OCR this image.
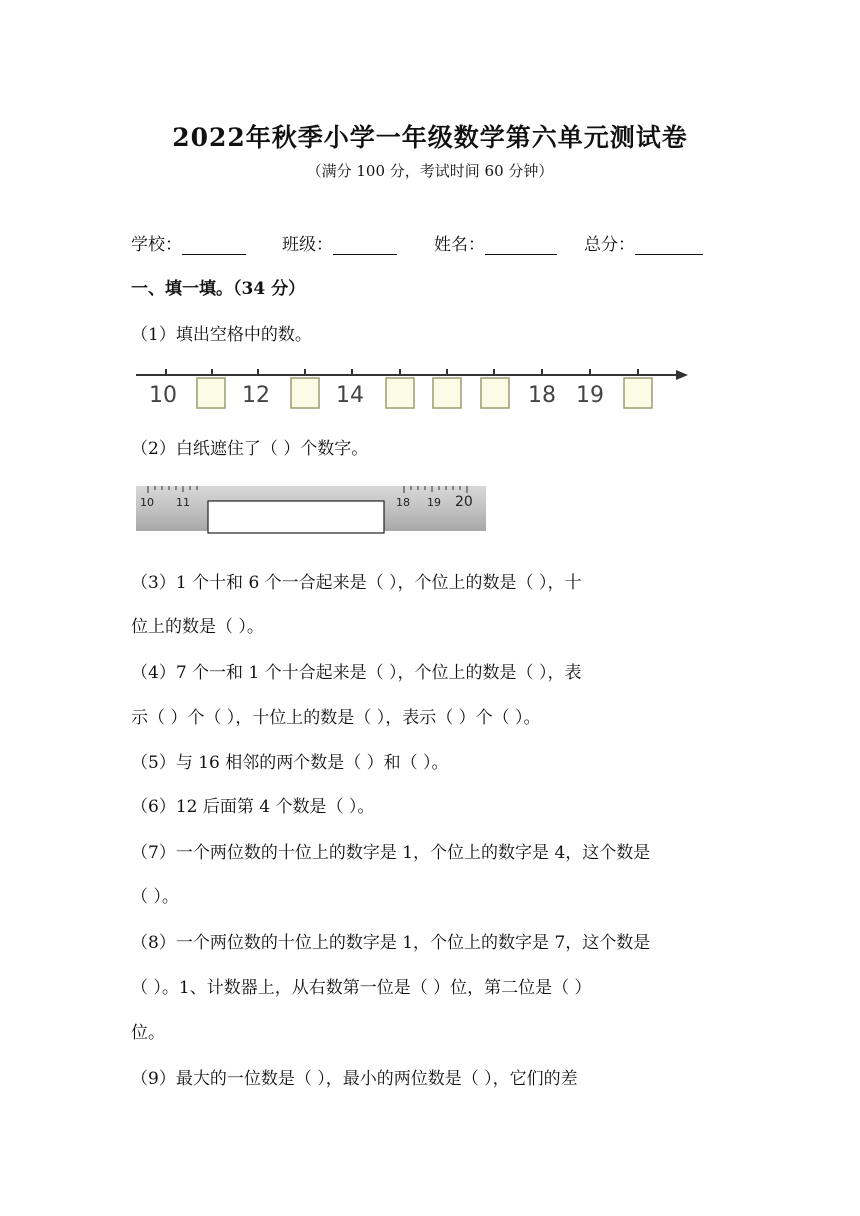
2022年秋季小学一年级数学第六单元测试卷
（满分 100 分，考试时间 60 分钟）
学校：	班级：	姓名：	总分：
一、填一填。（34 分）
（1）填出空格中的数。
10	12	14	18 19
（2）白纸遮住了（ ）个数字。
10 11	18 19 20
（3）1 个十和 6 个一合起来是（ ），个位上的数是（ ），十
位上的数是（ ）。
（4）7 个一和 1 个十合起来是（ ），个位上的数是（ ），表
示（ ）个（ ），十位上的数是（ ），表示（ ）个（ ）。
（5）与 16 相邻的两个数是（ ）和（ ）。
（6）12 后面第 4 个数是（ ）。
（7）一个两位数的十位上的数字是 1，个位上的数字是 4，这个数是
（ ）。
（8）一个两位数的十位上的数字是 1，个位上的数字是 7，这个数是
（ ）。1、计数器上，从右数第一位是（ ）位，第二位是（ ）
位。
（9）最大的一位数是（ ），最小的两位数是（ ），它们的差
